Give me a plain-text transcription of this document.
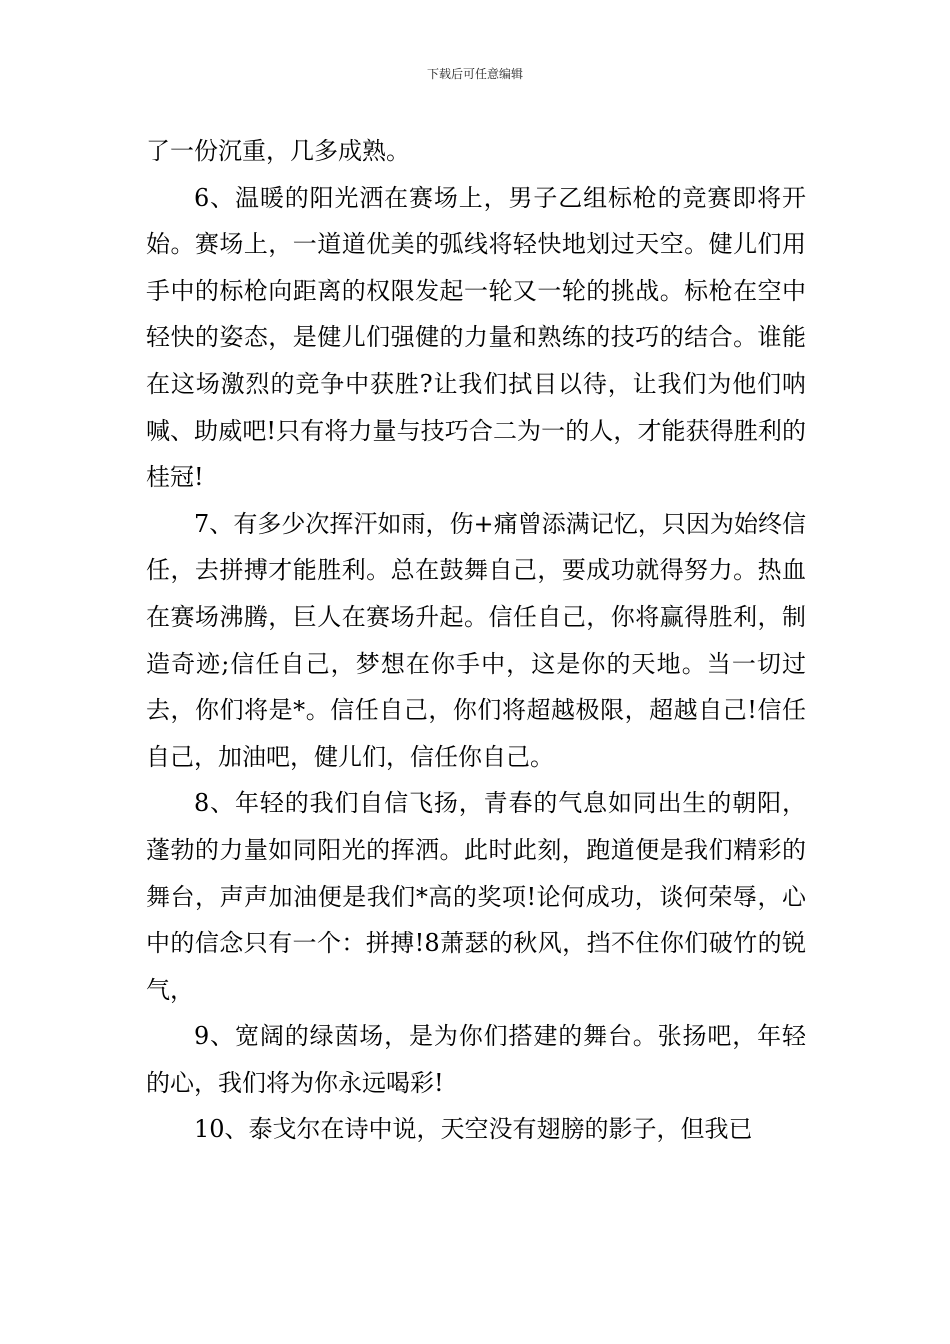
下载后可任意编辑

了一份沉重，几多成熟。

6、温暖的阳光洒在赛场上，男子乙组标枪的竞赛即将开始。赛场上，一道道优美的弧线将轻快地划过天空。健儿们用手中的标枪向距离的权限发起一轮又一轮的挑战。标枪在空中轻快的姿态，是健儿们强健的力量和熟练的技巧的结合。谁能在这场激烈的竞争中获胜?让我们拭目以待，让我们为他们呐喊、助威吧!只有将力量与技巧合二为一的人，才能获得胜利的桂冠!

7、有多少次挥汗如雨，伤+痛曾添满记忆，只因为始终信任，去拼搏才能胜利。总在鼓舞自己，要成功就得努力。热血在赛场沸腾，巨人在赛场升起。信任自己，你将赢得胜利，制造奇迹;信任自己，梦想在你手中，这是你的天地。当一切过去，你们将是*。信任自己，你们将超越极限，超越自己!信任自己，加油吧，健儿们，信任你自己。

8、年轻的我们自信飞扬，青春的气息如同出生的朝阳，蓬勃的力量如同阳光的挥洒。此时此刻，跑道便是我们精彩的舞台，声声加油便是我们*高的奖项!论何成功，谈何荣辱，心中的信念只有一个：拼搏!8萧瑟的秋风，挡不住你们破竹的锐气，

9、宽阔的绿茵场，是为你们搭建的舞台。张扬吧，年轻的心，我们将为你永远喝彩!

10、泰戈尔在诗中说，天空没有翅膀的影子，但我已
